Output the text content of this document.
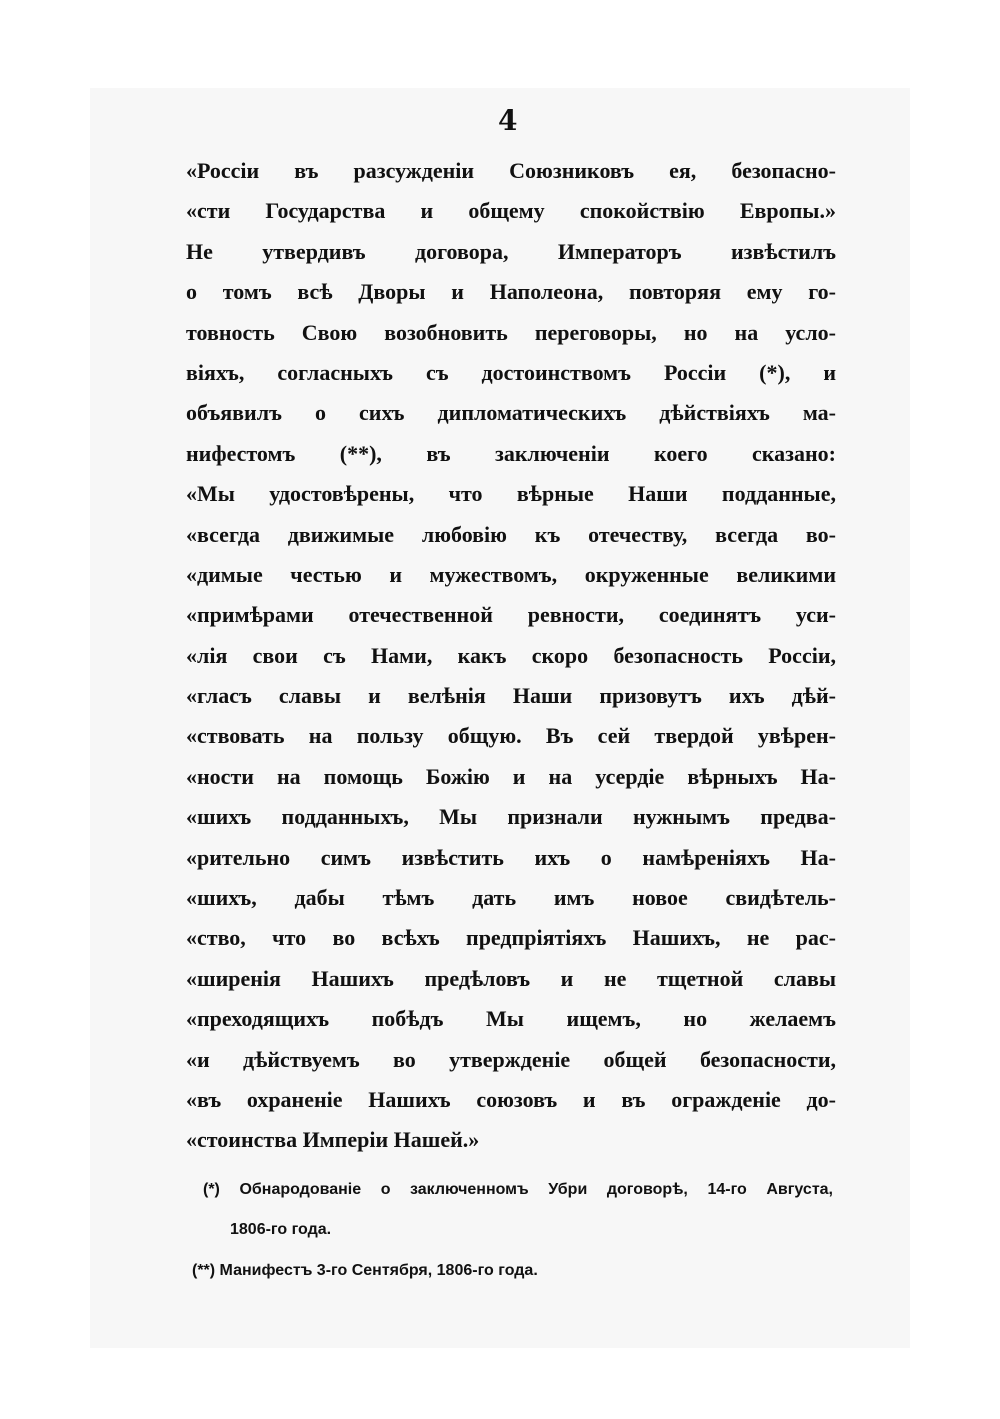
4
«Россіи въ разсужденіи Союзниковъ ея, безопасно-
«сти Государства и общему спокойствію Европы.»
Не утвердивъ договора, Императоръ извѣстилъ
о томъ всѣ Дворы и Наполеона, повторяя ему го-
товность Свою возобновить переговоры, но на усло-
віяхъ, согласныхъ съ достоинствомъ Россіи (*), и
объявилъ о сихъ дипломатическихъ дѣйствіяхъ ма-
нифестомъ (**), въ заключеніи коего сказано:
«Мы удостовѣрены, что вѣрные Наши подданные,
«всегда движимые любовію къ отечеству, всегда во-
«димые честью и мужествомъ, окруженные великими
«примѣрами отечественной ревности, соединятъ уси-
«лія свои съ Нами, какъ скоро безопасность Россіи,
«гласъ славы и велѣнія Наши призовутъ ихъ дѣй-
«ствовать на пользу общую. Въ сей твердой увѣрен-
«ности на помощь Божію и на усердіе вѣрныхъ На-
«шихъ подданныхъ, Мы признали нужнымъ предва-
«рительно симъ извѣстить ихъ о намѣреніяхъ На-
«шихъ, дабы тѣмъ дать имъ новое свидѣтель-
«ство, что во всѣхъ предпріятіяхъ Нашихъ, не рас-
«ширенія Нашихъ предѣловъ и не тщетной славы
«преходящихъ побѣдъ Мы ищемъ, но желаемъ
«и дѣйствуемъ во утвержденіе общей безопасности,
«въ охраненіе Нашихъ союзовъ и въ огражденіе до-
«стоинства Имперіи Нашей.»
(*) Обнародованіе о заключенномъ Убри договорѣ, 14-го Августа,
1806-го года.
(**) Манифестъ 3-го Сентября, 1806-го года.
